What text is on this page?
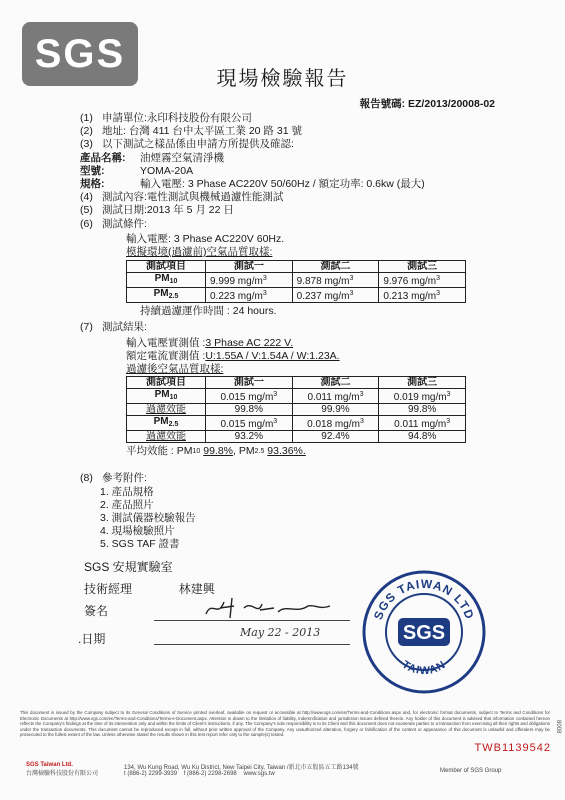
SGS
現場檢驗報告
報告號碼: EZ/2013/20008-02
(1) 申請單位: 永印科技股份有限公司
(2) 地址:
台灣 411 台中太平區工業 20 路 31 號
(3) 以下測試之樣品係由申請方所提供及確認:
產品名稱:	油煙霧空氣清淨機
型號:	YOMA-20A
規格:	輸入電壓: 3 Phase AC220V 50/60Hz / 額定功率: 0.6kw (最大)
(4) 測試內容:電性測試與機械過濾性能測試
(5) 測試日期:2013 年 5 月 22 日
(6) 測試條件:
輸入電壓: 3 Phase AC220V 60Hz.
模擬環境(過濾前)空氣品質取樣:
測試項目	測試一	測試二	測試三
$PM_{10}$	9.999 $mg/m^3$	9.878 $mg/m^3$	9.976 $mg/m^3$
$PM_{2.5}$	0.223 $mg/m^3$	0.237 $mg/m^3$	0.213 $mg/m^3$
持續過濾運作時間 : 24 hours.
(7) 測試結果:
輸入電壓實測值 : 3 Phase AC 222 V.
額定電流實測值 : U:1.55A / V:1.54A / W:1.23A.
過濾後空氣品質取樣:
測試項目	測試一	測試二	測試三
$PM_{10}$	0.015 $mg/m^3$	0.011 $mg/m^3$	0.019 $mg/m^3$
過濾效能	99.8%	99.9%	99.8%
$PM_{2.5}$	0.015 $mg/m^3$	0.018 $mg/m^3$	0.011 $mg/m^3$
過濾效能	93.2%	92.4%	94.8%
平均效能 : PM 10
99.8% , PM 2.5
93.36%.
(8) 參考附件:
1. 產品規格
2. 產品照片
3. 測試儀器校驗報告
4. 現場檢驗照片
5. SGS TAF 證書
SGS 安規實驗室
技術經理	林建興
簽名
.日期	May 22 - 2013
SGS TAIWAN LTD
SGS
TAIWAN
This document is issued by the Company subject to its General Conditions of Service printed overleaf, available on request or accessible at http://www.sgs.com/en/Terms-and-Conditions.aspx and, for electronic format documents, subject to Terms and Conditions for Electronic Documents at http://www.sgs.com/en/Terms-and-Conditions/Terms-e-Document.aspx. Attention is drawn to the limitation of liability, indemnification and jurisdiction issues defined therein. Any holder of this document is advised that information contained hereon reflects the Company's findings at the time of its intervention only and within the limits of Client's instructions, if any. The Company's sole responsibility is to its Client and this document does not exonerate parties to a transaction from exercising all their rights and obligations under the transaction documents. This document cannot be reproduced except in full, without prior written approval of the Company. Any unauthorized alteration, forgery or falsification of the content or appearance of this document is unlawful and offenders may be prosecuted to the fullest extent of the law. Unless otherwise stated the results shown in this test report refer only to the sample(s) tested.
TWB1139542
8008
SGS Taiwan Ltd.
台灣檢驗科技股份有限公司
134, Wu Kung Road, Wu Ku District, New Taipei City, Taiwan /新北市五股區五工路134號
t (886-2) 2299-3939 f (886-2) 2298-2698 www.sgs.tw	Member of SGS Group
